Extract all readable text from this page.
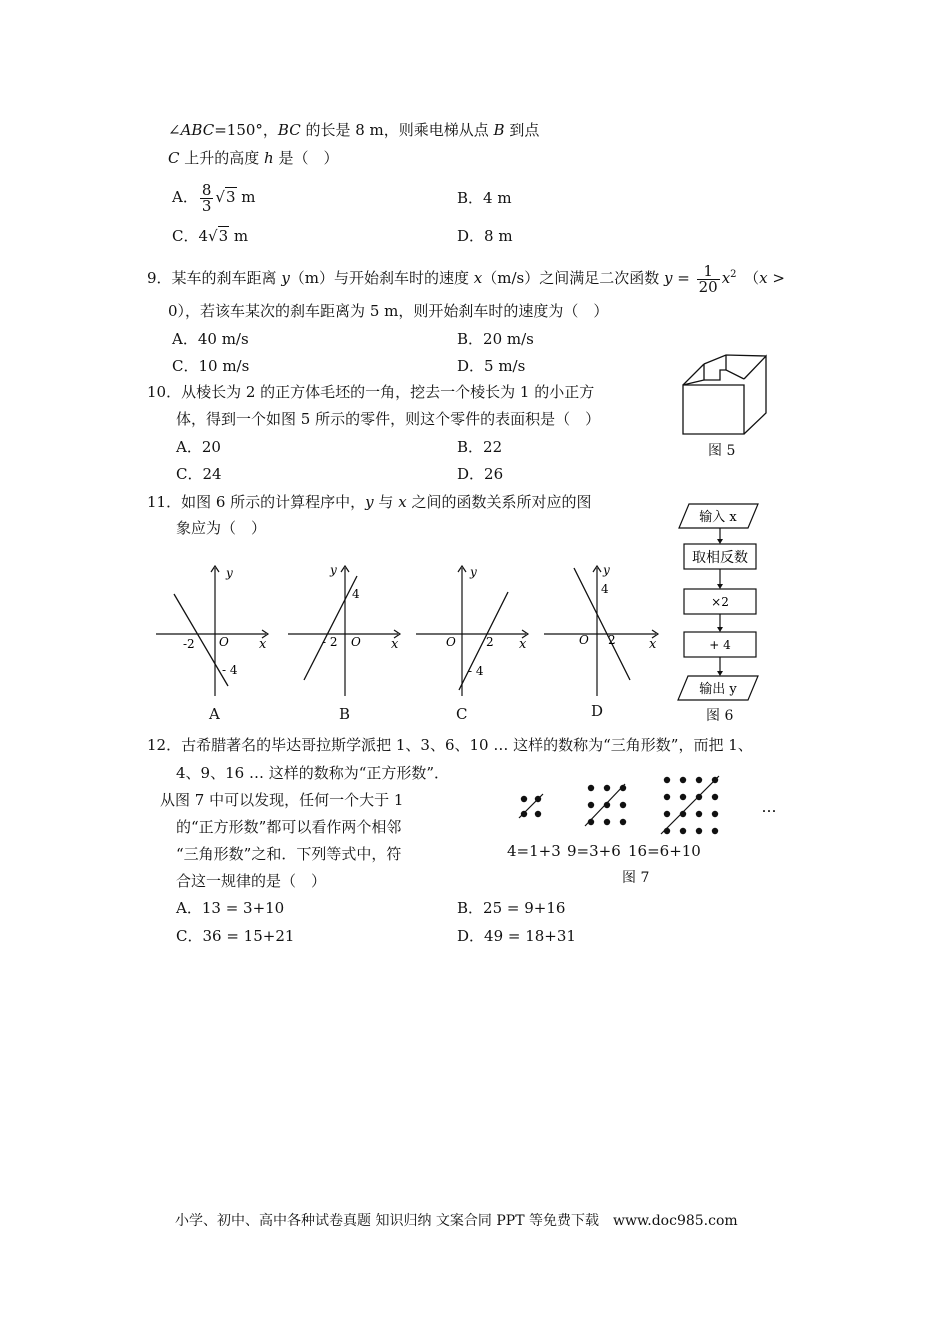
∠ABC=150°，BC 的长是 8 m，则乘电梯从点 B 到点
C 上升的高度 h 是（　）
A． $\frac{8}{3} √3$ m	B．4 m
C．4√3 m	D．8 m
9．某车的刹车距离 y（m）与开始刹车时的速度 x（m/s）之间满足二次函数 $y = \frac{1}{20} x^2$　 （x >
0），若该车某次的刹车距离为 5 m，则开始刹车时的速度为（　）
A．40 m/s	B．20 m/s
C．10 m/s	D．5 m/s
10．从棱长为 2 的正方体毛坯的一角，挖去一个棱长为 1 的小正方
体，得到一个如图 5 所示的零件，则这个零件的表面积是（　）
A．20	B．22
C．24	D．26
图 5
11．如图 6 所示的计算程序中，y 与 x 之间的函数关系所对应的图
象应为（　）
y
x
O
-2
- 4
A
y
x
O
- 2
4
B
y
x
O	2
- 4
C
y
x
O 2
4
D
输入 x
取相反数
×2
+ 4
输出 y
图 6
12．古希腊著名的毕达哥拉斯学派把 1、3、6、10 … 这样的数称为“三角形数”，而把 1、
4、9、16 … 这样的数称为“正方形数”．
从图 7 中可以发现，任何一个大于 1
的“正方形数”都可以看作两个相邻
“三角形数”之和．下列等式中，符
合这一规律的是（　）
A．13 = 3+10	B．25 = 9+16
C．36 = 15+21	D．49 = 18+31
…
4=1+3 9=3+6 16=6+10
图 7
小学、初中、高中各种试卷真题 知识归纳 文案合同 PPT 等免费下载　www.doc985.com
